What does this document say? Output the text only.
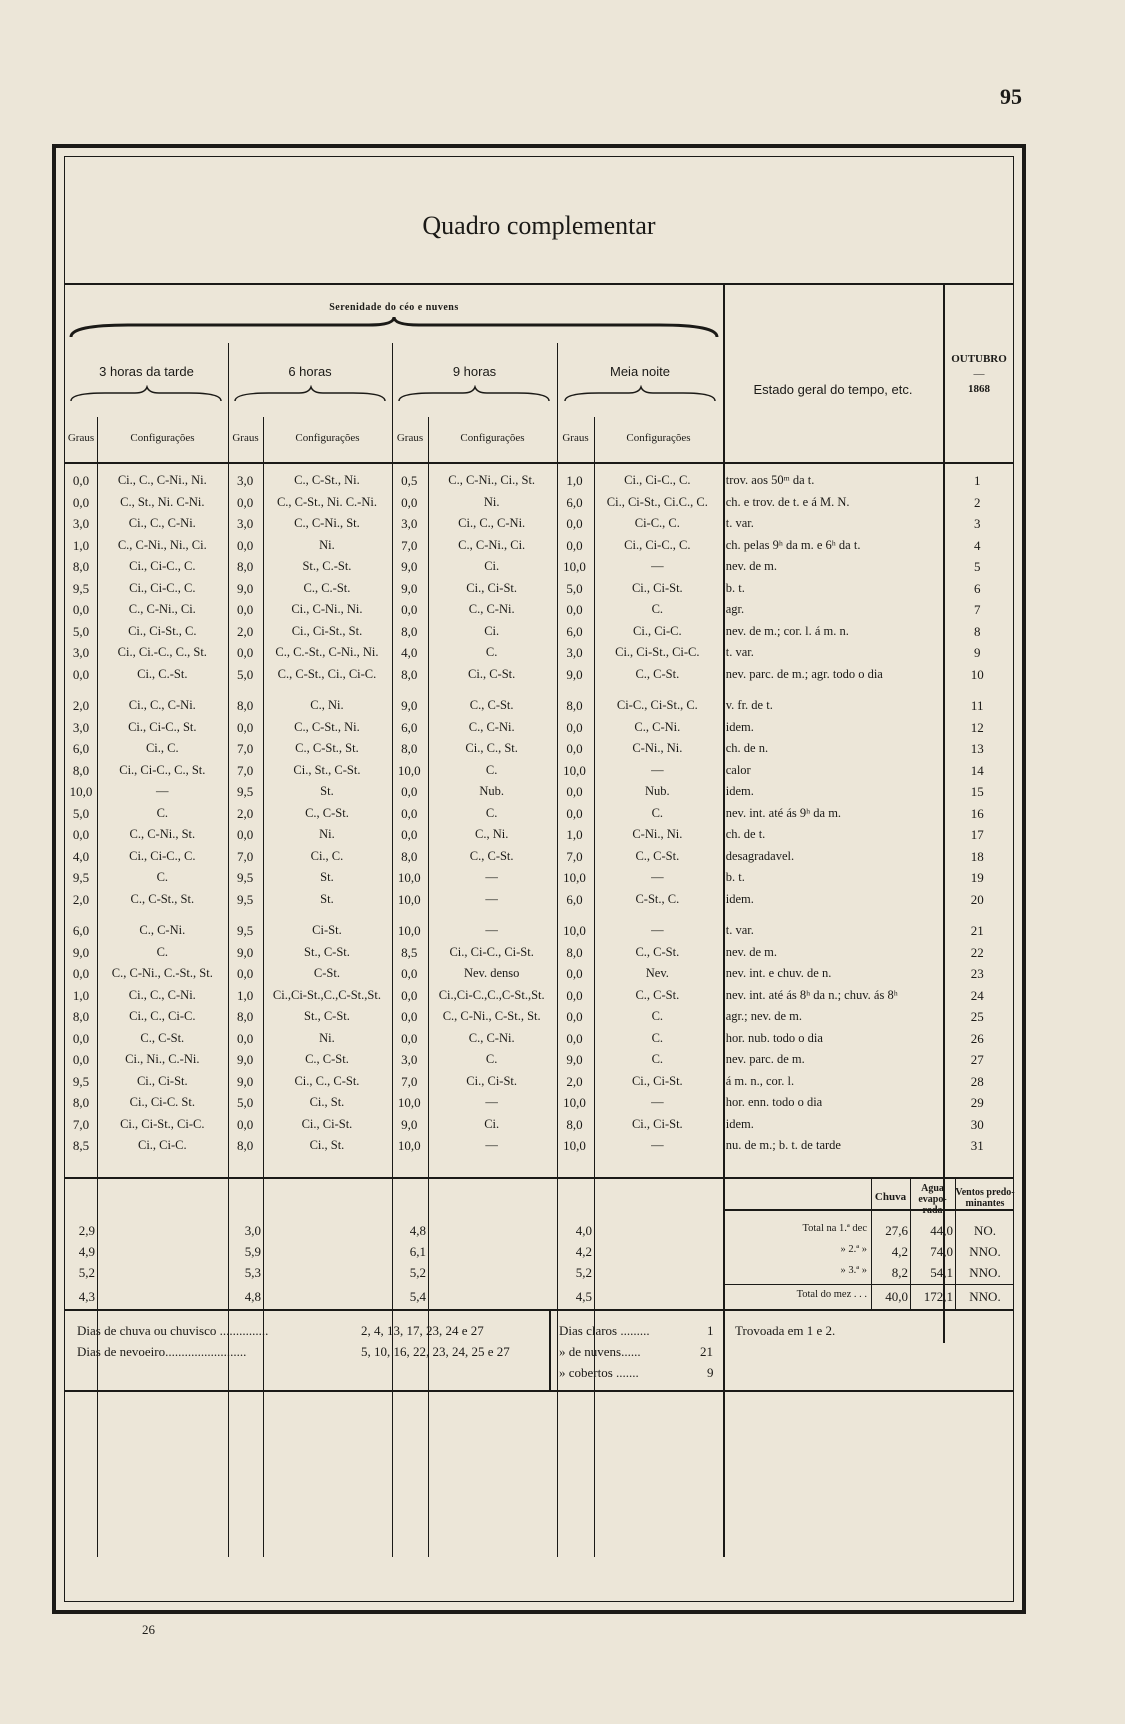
95
Quadro complementar
Serenidade do céo e nuvens
3 horas da tarde	6 horas	9 horas	Meia noite
Graus	Configurações	Graus	Configurações	Graus	Configurações	Graus	Configurações
Estado geral do tempo, etc.
OUTUBRO
—
1868
0,0	Ci., C., C-Ni., Ni.	3,0	C., C-St., Ni.	0,5	C., C-Ni., Ci., St.	1,0	Ci., Ci-C., C.	trov. aos 50ᵐ da t.	1
0,0	C., St., Ni. C-Ni.	0,0	C., C-St., Ni. C.-Ni.	0,0	Ni.	6,0	Ci., Ci-St., Ci.C., C.	ch. e trov. de t. e á M. N.	2
3,0	Ci., C., C-Ni.	3,0	C., C-Ni., St.	3,0	Ci., C., C-Ni.	0,0	Ci-C., C.	t. var.	3
1,0	C., C-Ni., Ni., Ci.	0,0	Ni.	7,0	C., C-Ni., Ci.	0,0	Ci., Ci-C., C.	ch. pelas 9ʰ da m. e 6ʰ da t.	4
8,0	Ci., Ci-C., C.	8,0	St., C.-St.	9,0	Ci.	10,0	—	nev. de m.	5
9,5	Ci., Ci-C., C.	9,0	C., C.-St.	9,0	Ci., Ci-St.	5,0	Ci., Ci-St.	b. t.	6
0,0	C., C-Ni., Ci.	0,0	Ci., C-Ni., Ni.	0,0	C., C-Ni.	0,0	C.	agr.	7
5,0	Ci., Ci-St., C.	2,0	Ci., Ci-St., St.	8,0	Ci.	6,0	Ci., Ci-C.	nev. de m.; cor. l. á m. n.	8
3,0	Ci., Ci.-C., C., St.	0,0	C., C.-St., C-Ni., Ni.	4,0	C.	3,0	Ci., Ci-St., Ci-C.	t. var.	9
0,0	Ci., C.-St.	5,0	C., C-St., Ci., Ci-C.	8,0	Ci., C-St.	9,0	C., C-St.	nev. parc. de m.; agr. todo o dia	10

2,0	Ci., C., C-Ni.	8,0	C., Ni.	9,0	C., C-St.	8,0	Ci-C., Ci-St., C.	v. fr. de t.	11
3,0	Ci., Ci-C., St.	0,0	C., C-St., Ni.	6,0	C., C-Ni.	0,0	C., C-Ni.	idem.	12
6,0	Ci., C.	7,0	C., C-St., St.	8,0	Ci., C., St.	0,0	C-Ni., Ni.	ch. de n.	13
8,0	Ci., Ci-C., C., St.	7,0	Ci., St., C-St.	10,0	C.	10,0	—	calor	14
10,0	—	9,5	St.	0,0	Nub.	0,0	Nub.	idem.	15
5,0	C.	2,0	C., C-St.	0,0	C.	0,0	C.	nev. int. até ás 9ʰ da m.	16
0,0	C., C-Ni., St.	0,0	Ni.	0,0	C., Ni.	1,0	C-Ni., Ni.	ch. de t.	17
4,0	Ci., Ci-C., C.	7,0	Ci., C.	8,0	C., C-St.	7,0	C., C-St.	desagradavel.	18
9,5	C.	9,5	St.	10,0	—	10,0	—	b. t.	19
2,0	C., C-St., St.	9,5	St.	10,0	—	6,0	C-St., C.	idem.	20

6,0	C., C-Ni.	9,5	Ci-St.	10,0	—	10,0	—	t. var.	21
9,0	C.	9,0	St., C-St.	8,5	Ci., Ci-C., Ci-St.	8,0	C., C-St.	nev. de m.	22
0,0	C., C-Ni., C.-St., St.	0,0	C-St.	0,0	Nev. denso	0,0	Nev.	nev. int. e chuv. de n.	23
1,0	Ci., C., C-Ni.	1,0	Ci.,Ci-St.,C.,C-St.,St.	0,0	Ci.,Ci-C.,C.,C-St.,St.	0,0	C., C-St.	nev. int. até ás 8ʰ da n.; chuv. ás 8ʰ	24
8,0	Ci., C., Ci-C.	8,0	St., C-St.	0,0	C., C-Ni., C-St., St.	0,0	C.	agr.; nev. de m.	25
0,0	C., C-St.	0,0	Ni.	0,0	C., C-Ni.	0,0	C.	hor. nub. todo o dia	26
0,0	Ci., Ni., C.-Ni.	9,0	C., C-St.	3,0	C.	9,0	C.	nev. parc. de m.	27
9,5	Ci., Ci-St.	9,0	Ci., C., C-St.	7,0	Ci., Ci-St.	2,0	Ci., Ci-St.	á m. n., cor. l.	28
8,0	Ci., Ci-C. St.	5,0	Ci., St.	10,0	—	10,0	—	hor. enn. todo o dia	29
7,0	Ci., Ci-St., Ci-C.	0,0	Ci., Ci-St.	9,0	Ci.	8,0	Ci., Ci-St.	idem.	30
8,5	Ci., Ci-C.	8,0	Ci., St.	10,0	—	10,0	—	nu. de m.; b. t. de tarde	31
Chuva
Agua evapo-rada
Ventos predo-minantes
2,9	3,0	4,8	4,0	Total na 1.ª dec	27,6	44,0	NO.
4,9	5,9	6,1	4,2	» 2.ª »	4,2	74,0	NNO.
5,2	5,3	5,2	5,2	» 3.ª »	8,2	54,1	NNO.
4,3	4,8	5,4	4,5	Total do mez . . .	40,0	172,1	NNO.
Dias de chuva ou chuvisco ...............	2, 4, 13, 17, 23, 24 e 27
Dias de nevoeiro.........................	5, 10, 16, 22, 23, 24, 25 e 27
Dias claros .........	1
» de nuvens......	21
» cobertos .......	9
Trovoada em 1 e 2.
26
